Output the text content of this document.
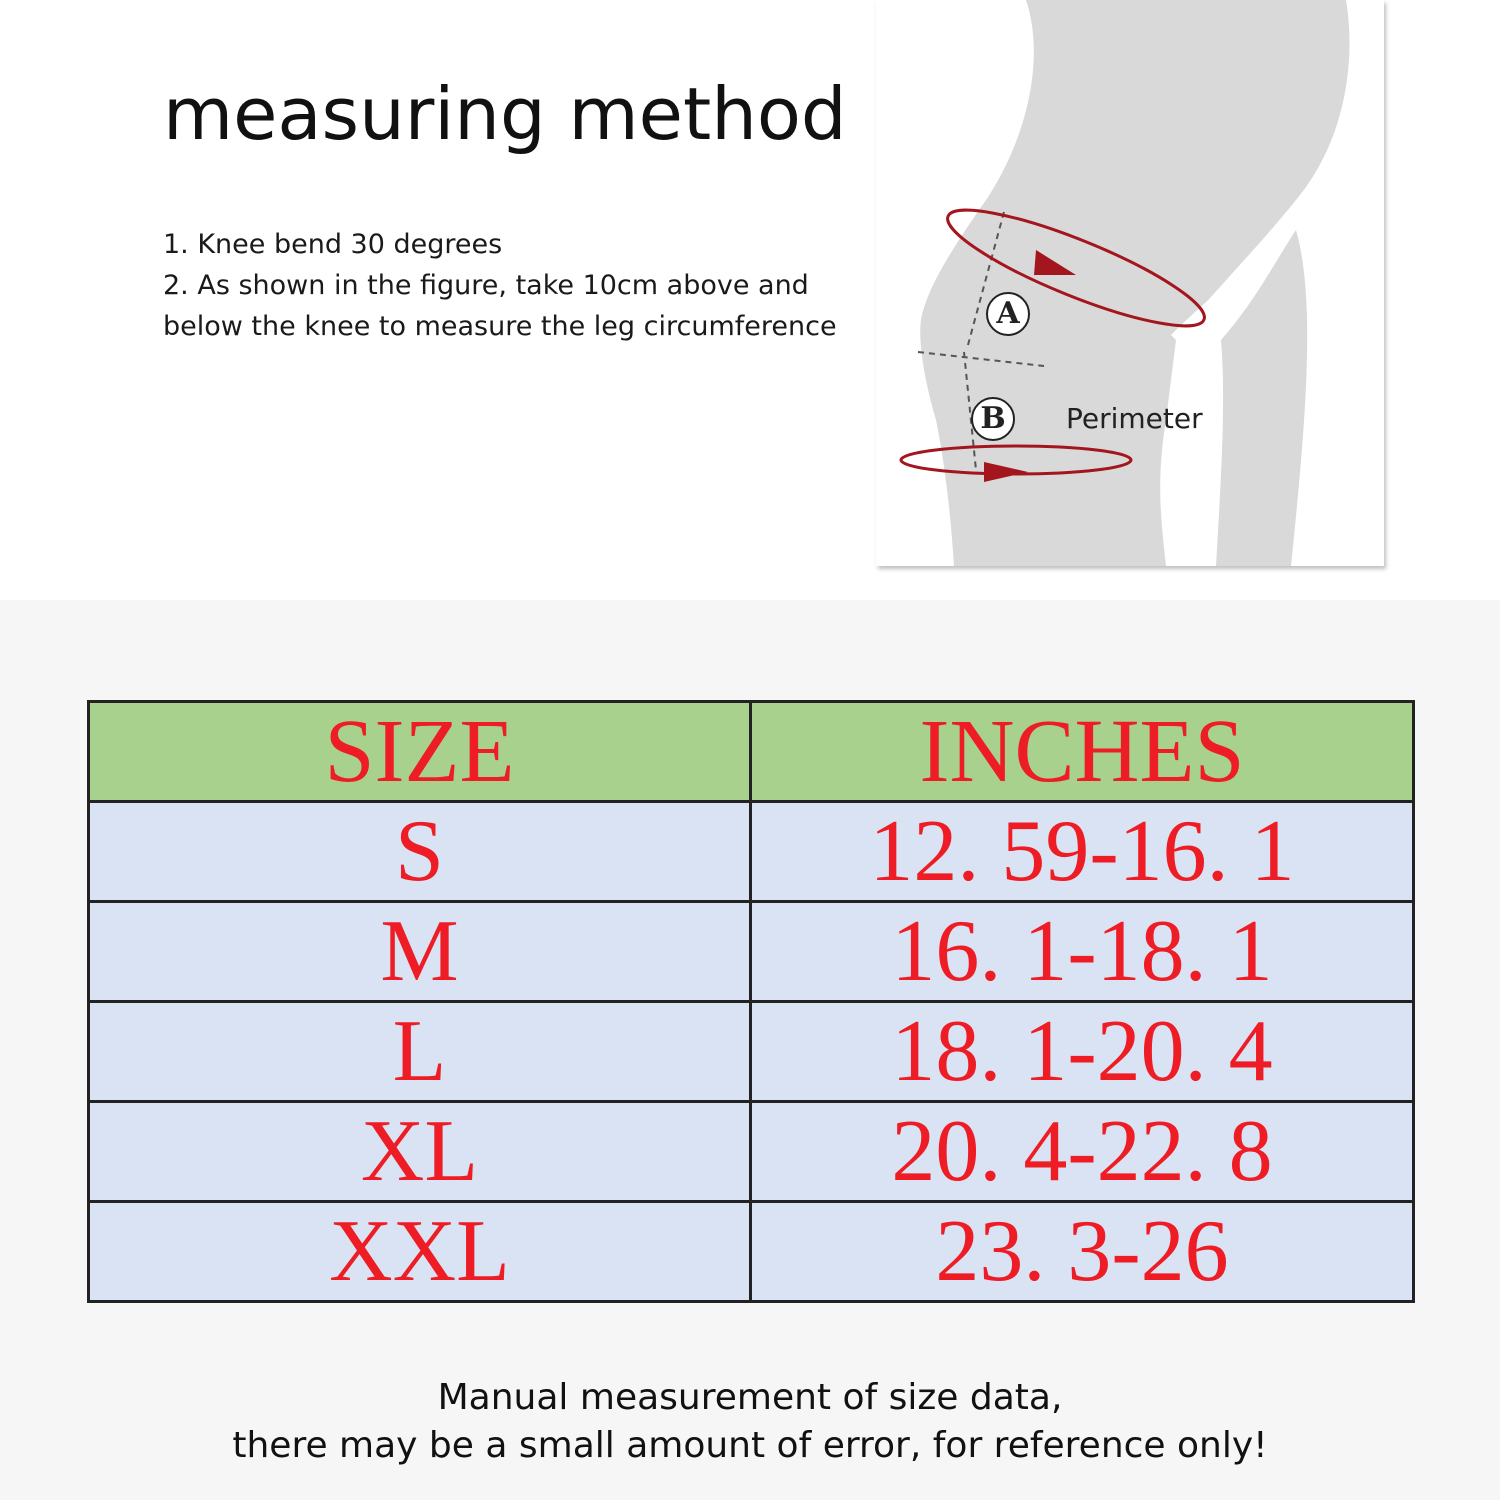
measuring method
1. Knee bend 30 degrees
2. As shown in the figure, take 10cm above and
below the knee to measure the leg circumference	A
B	Perimeter
SIZE	INCHES
S	12. 59-16. 1
M	16. 1-18. 1
L	18. 1-20. 4
XL	20. 4-22. 8
XXL	23. 3-26
Manual measurement of size data,
there may be a small amount of error, for reference only!
